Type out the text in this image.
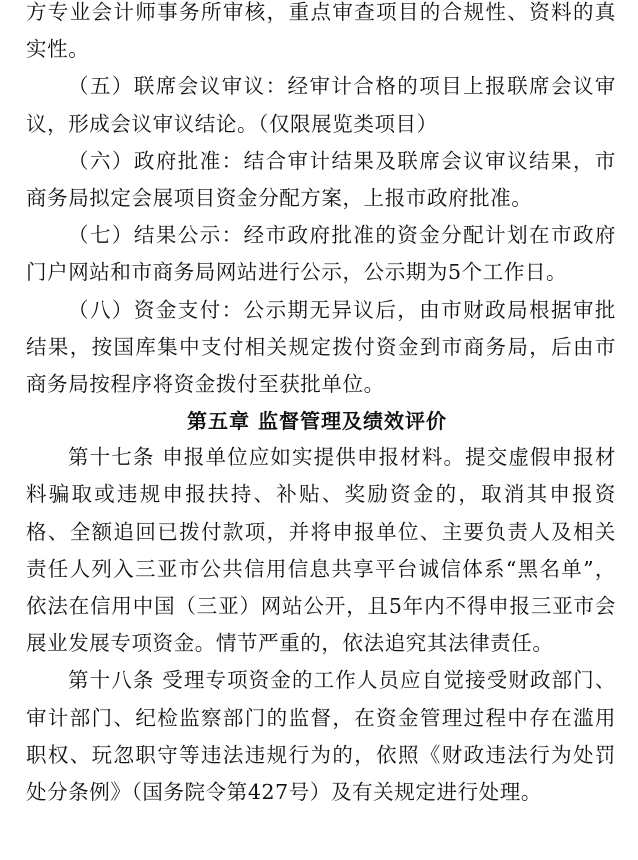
方专业会计师事务所审核，重点审查项目的合规性、资料的真实性。

（五）联席会议审议：经审计合格的项目上报联席会议审议，形成会议审议结论。（仅限展览类项目）

（六）政府批准：结合审计结果及联席会议审议结果，市商务局拟定会展项目资金分配方案，上报市政府批准。

（七）结果公示：经市政府批准的资金分配计划在市政府门户网站和市商务局网站进行公示，公示期为5个工作日。

（八）资金支付：公示期无异议后，由市财政局根据审批结果，按国库集中支付相关规定拨付资金到市商务局，后由市商务局按程序将资金拨付至获批单位。

第五章 监督管理及绩效评价

第十七条 申报单位应如实提供申报材料。提交虚假申报材料骗取或违规申报扶持、补贴、奖励资金的，取消其申报资格、全额追回已拨付款项，并将申报单位、主要负责人及相关责任人列入三亚市公共信用信息共享平台诚信体系“黑名单”，依法在信用中国（三亚）网站公开，且5年内不得申报三亚市会展业发展专项资金。情节严重的，依法追究其法律责任。

第十八条 受理专项资金的工作人员应自觉接受财政部门、审计部门、纪检监察部门的监督，在资金管理过程中存在滥用职权、玩忽职守等违法违规行为的，依照《财政违法行为处罚处分条例》（国务院令第427号）及有关规定进行处理。
